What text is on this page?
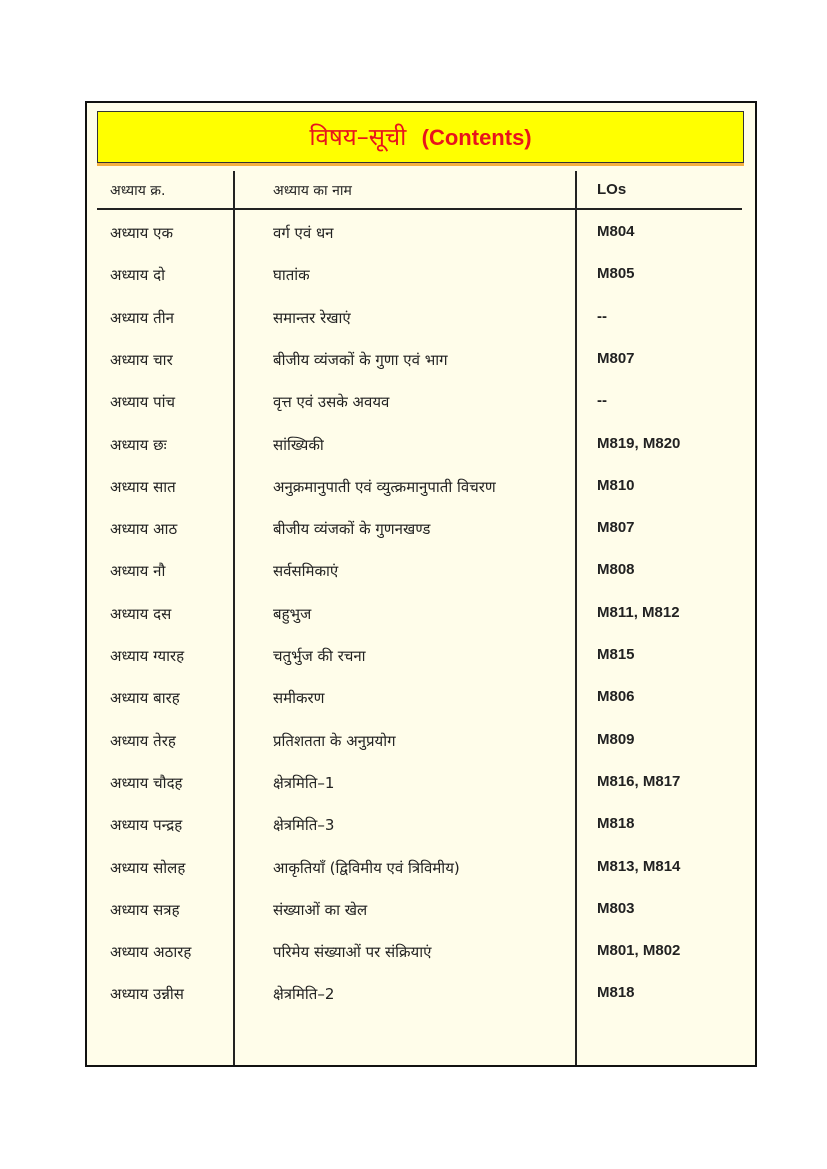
विषय–सूची (Contents)
अध्याय क्र.	अध्याय का नाम	LOs
अध्याय एक	वर्ग एवं धन	M804
अध्याय दो	घातांक	M805
अध्याय तीन	समान्तर रेखाएं	--
अध्याय चार	बीजीय व्यंजकों के गुणा एवं भाग	M807
अध्याय पांच	वृत्त एवं उसके अवयव	--
अध्याय छः	सांख्यिकी	M819, M820
अध्याय सात	अनुक्रमानुपाती एवं व्युत्क्रमानुपाती विचरण	M810
अध्याय आठ	बीजीय व्यंजकों के गुणनखण्ड	M807
अध्याय नौ	सर्वसमिकाएं	M808
अध्याय दस	बहुभुज	M811, M812
अध्याय ग्यारह	चतुर्भुज की रचना	M815
अध्याय बारह	समीकरण	M806
अध्याय तेरह	प्रतिशतता के अनुप्रयोग	M809
अध्याय चौदह	क्षेत्रमिति–1	M816, M817
अध्याय पन्द्रह	क्षेत्रमिति–3	M818
अध्याय सोलह	आकृतियाँ (द्विविमीय एवं त्रिविमीय)	M813, M814
अध्याय सत्रह	संख्याओं का खेल	M803
अध्याय अठारह	परिमेय संख्याओं पर संक्रियाएं	M801, M802
अध्याय उन्नीस	क्षेत्रमिति–2	M818
